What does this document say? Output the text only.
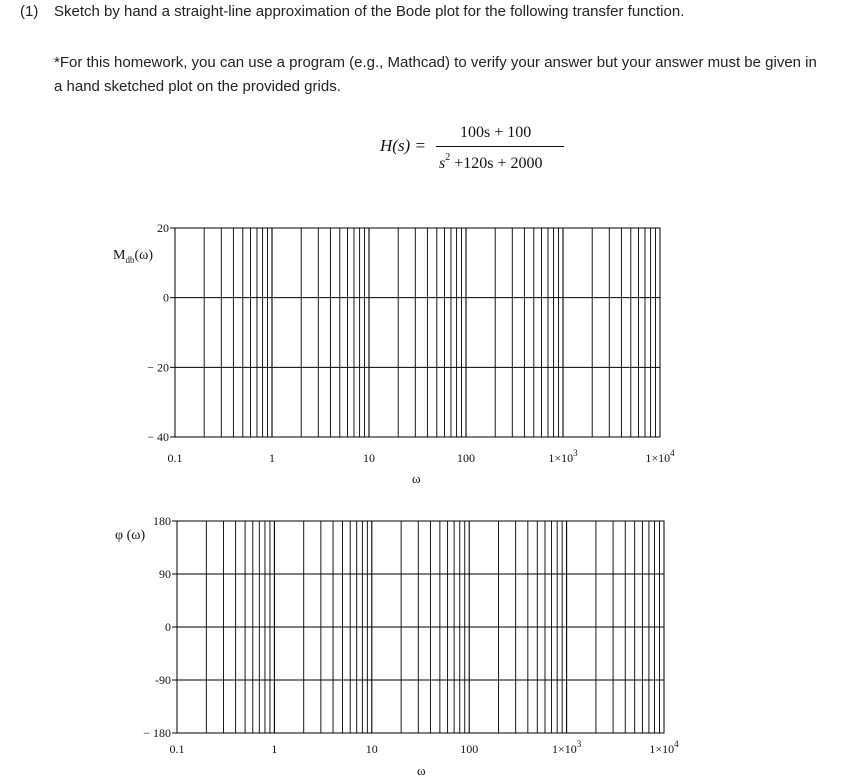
(1) Sketch by hand a straight-line approximation of the Bode plot for the following transfer function.
*For this homework, you can use a program (e.g., Mathcad) to verify your answer but your answer must be given in a hand sketched plot on the provided grids.
H(s) =
100s + 100
$s^2 +120s + 2000$
$M_{db}(\omega)$
ω
φ (ω)
ω
20
0
− 20
− 40
0.1	1	10	100	$1\times 10^3$	$1\times 10^4$
180
90
0
-90
− 180
0.1	1	10	100	$1\times 10^3$	$1\times 10^4$
